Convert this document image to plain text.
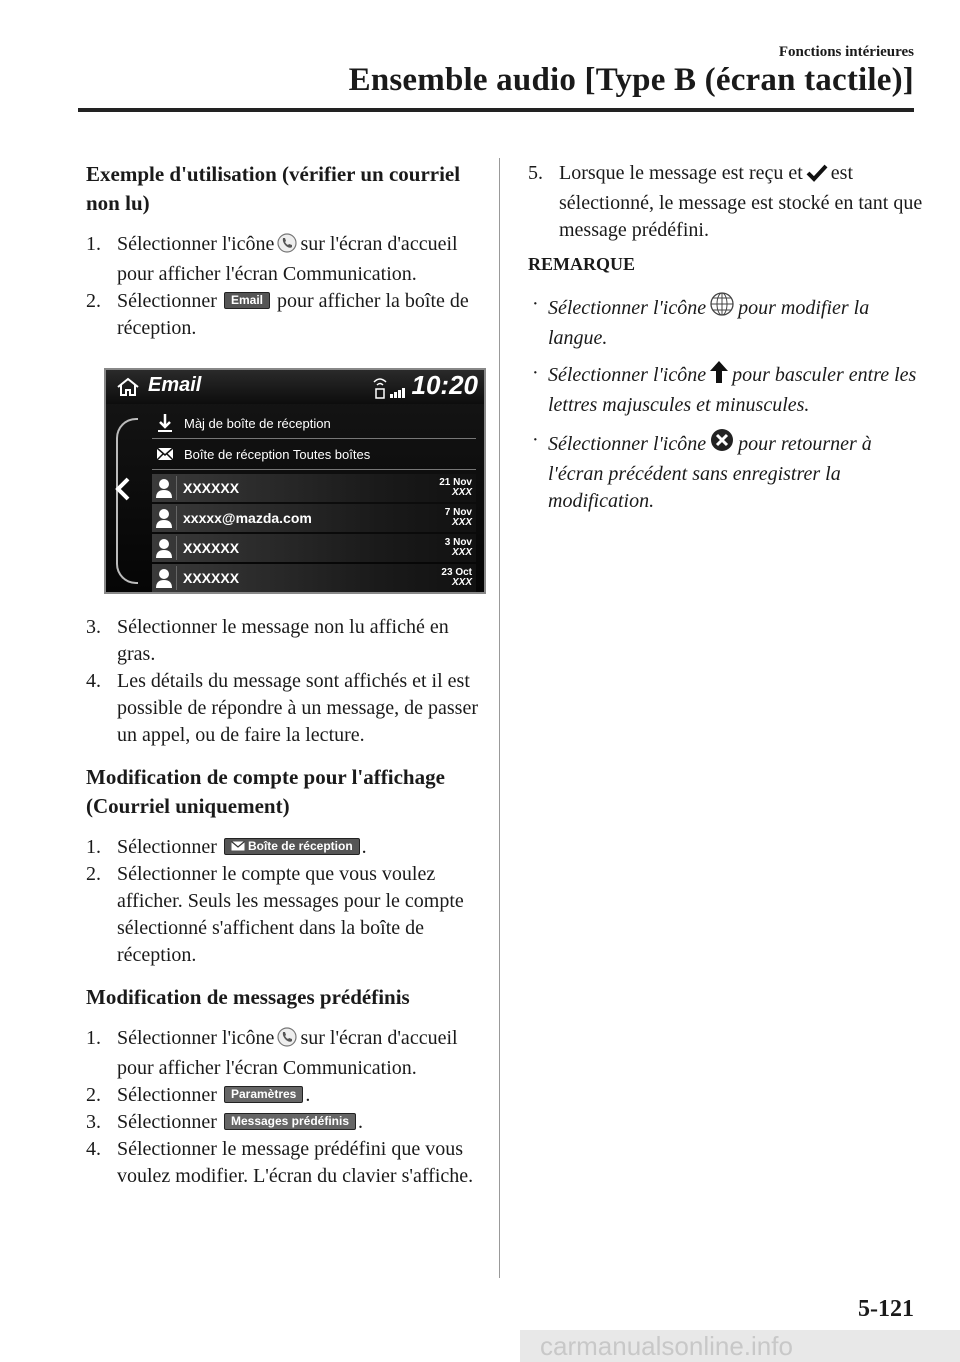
Fonctions intérieures
Ensemble audio [Type B (écran tactile)]
Exemple d'utilisation (vérifier un courriel non lu)
1. Sélectionner l'icône sur l'écran d'accueil pour afficher l'écran Communication.
2. Sélectionner Email pour afficher la boîte de réception.
Email	10:20
Màj de boîte de réception
Boîte de réception Toutes boîtes
XXXXXX	21 Nov
XXX
xxxxx@mazda.com	7 Nov
XXX
XXXXXX	3 Nov
XXX
XXXXXX	23 Oct
XXX
3. Sélectionner le message non lu affiché en gras.
4. Les détails du message sont affichés et il est possible de répondre à un message, de passer un appel, ou de faire la lecture.
Modification de compte pour l'affichage (Courriel uniquement)
1. Sélectionner	Boîte de réception .
2. Sélectionner le compte que vous voulez afficher. Seuls les messages pour le compte sélectionné s'affichent dans la boîte de réception.
Modification de messages prédéfinis
1. Sélectionner l'icône sur l'écran d'accueil pour afficher l'écran Communication.
2. Sélectionner Paramètres .
3. Sélectionner Messages prédéfinis .
4. Sélectionner le message prédéfini que vous voulez modifier. L'écran du clavier s'affiche.
5. Lorsque le message est reçu et est sélectionné, le message est stocké en tant que message prédéfini.
REMARQUE
· Sélectionner l'icône pour modifier la langue.
· Sélectionner l'icône pour basculer entre les lettres majuscules et minuscules.
· Sélectionner l'icône pour retourner à l'écran précédent sans enregistrer la modification.
5-121
carmanualsonline.info
